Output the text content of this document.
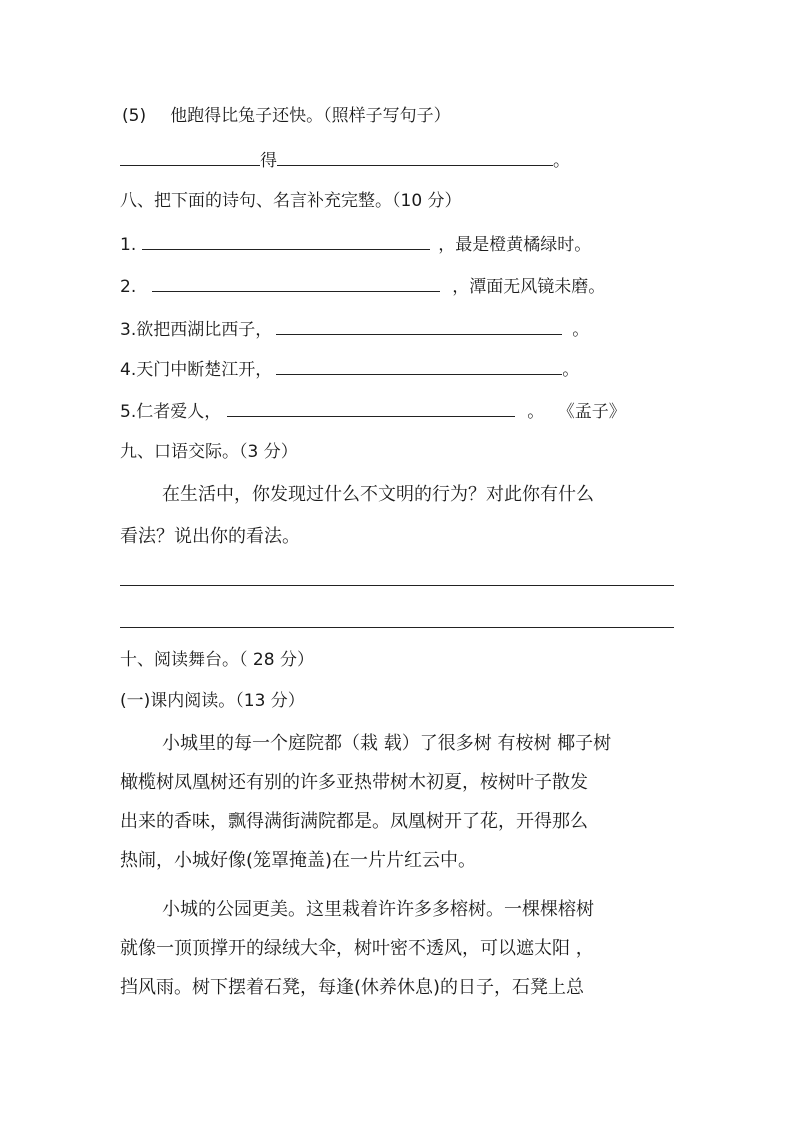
(5) 他跑得比兔子还快。（照样子写句子）
得	。
八、把下面的诗句、名言补充完整。（10 分）
1.	，最是橙黄橘绿时。
2.	，潭面无风镜未磨。
3.欲把西湖比西子，	。
4.天门中断楚江开，	。
5.仁者爱人，	。 《孟子》
九、口语交际。（3 分）
在生活中，你发现过什么不文明的行为？对此你有什么
看法？说出你的看法。
十、阅读舞台。（ 28 分）
(一)课内阅读。（13 分）
小城里的每一个庭院都（栽 载）了很多树 有桉树 椰子树
橄榄树凤凰树还有别的许多亚热带树木初夏，桉树叶子散发
出来的香味，飘得满街满院都是。凤凰树开了花，开得那么
热闹，小城好像(笼罩掩盖)在一片片红云中。
小城的公园更美。这里栽着许许多多榕树。一棵棵榕树
就像一顶顶撑开的绿绒大伞，树叶密不透风，可以遮太阳 ，
挡风雨。树下摆着石凳，每逢(休养休息)的日子，石凳上总
